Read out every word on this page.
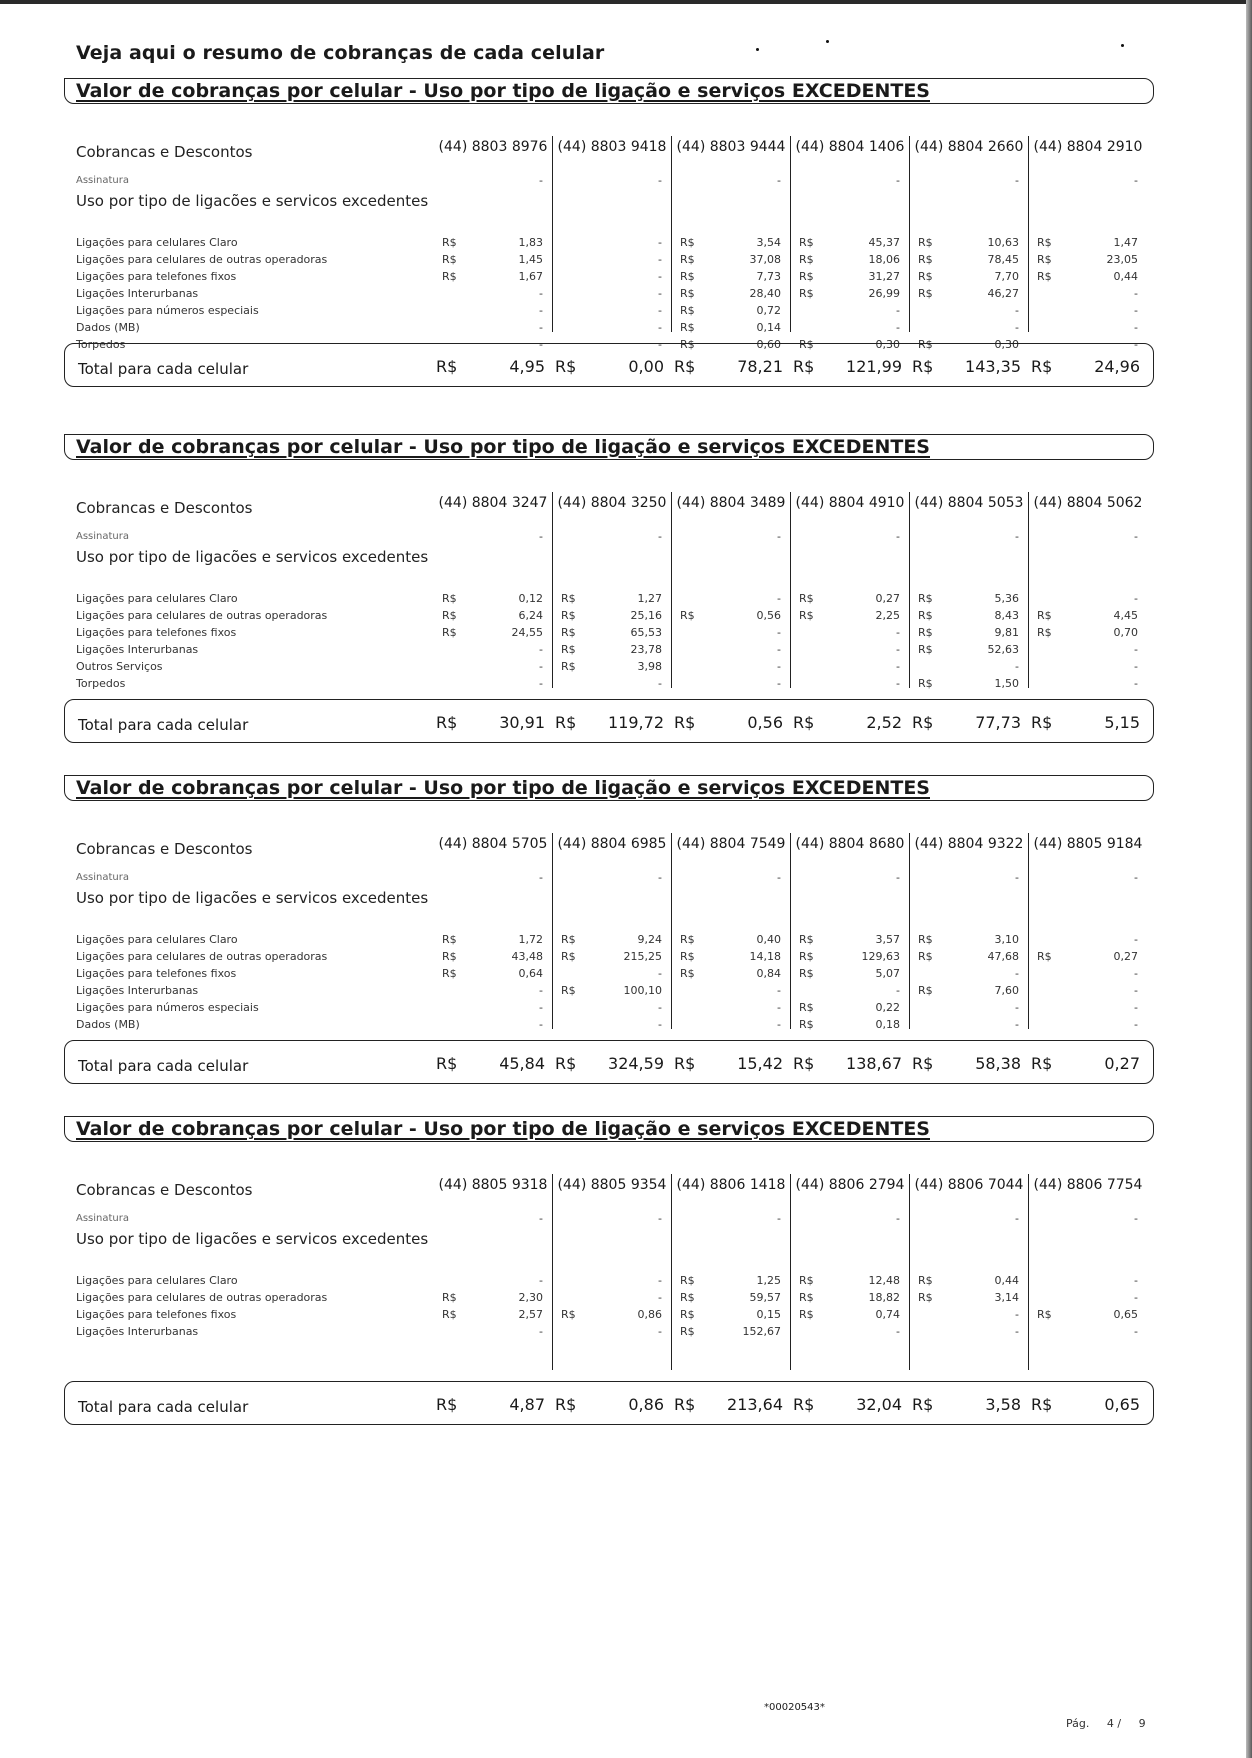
Veja aqui o resumo de cobranças de cada celular
Valor de cobranças por celular - Uso por tipo de ligação e serviços EXCEDENTES
Cobrancas e Descontos	(44) 8803 8976 (44) 8803 9418 (44) 8803 9444 (44) 8804 1406 (44) 8804 2660 (44) 8804 2910
Assinatura	-	-	-	-	-	-
Uso por tipo de ligacões e servicos excedentes
Ligações para celulares Claro	R$	1,83	- R$	3,54 R$	45,37 R$	10,63 R$	1,47
Ligações para celulares de outras operadoras	R$	1,45	- R$	37,08 R$	18,06 R$	78,45 R$	23,05
Ligações para telefones fixos	R$	1,67	- R$	7,73 R$	31,27 R$	7,70 R$	0,44
Ligações Interurbanas	-	- R$	28,40 R$	26,99 R$	46,27	-
Ligações para números especiais	-	- R$	0,72	-	-	-
Dados (MB)	-	- R$	0,14	-	-	-
Torpedos	-	- R$	0,60 R$	0,30 R$	0,30	-
Total para cada celular	R$	4,95 R$	0,00 R$	78,21 R$	121,99 R$	143,35 R$	24,96
Valor de cobranças por celular - Uso por tipo de ligação e serviços EXCEDENTES
Cobrancas e Descontos	(44) 8804 3247 (44) 8804 3250 (44) 8804 3489 (44) 8804 4910 (44) 8804 5053 (44) 8804 5062
Assinatura	-	-	-	-	-	-
Uso por tipo de ligacões e servicos excedentes
Ligações para celulares Claro	R$	0,12 R$	1,27	- R$	0,27 R$	5,36	-
Ligações para celulares de outras operadoras	R$	6,24 R$	25,16 R$	0,56 R$	2,25 R$	8,43 R$	4,45
Ligações para telefones fixos	R$	24,55 R$	65,53	-	- R$	9,81 R$	0,70
Ligações Interurbanas	- R$	23,78	-	- R$	52,63	-
Outros Serviços	- R$	3,98	-	-	-	-
Torpedos	-	-	-	- R$	1,50	-
Total para cada celular	R$	30,91 R$	119,72 R$	0,56 R$	2,52 R$	77,73 R$	5,15
Valor de cobranças por celular - Uso por tipo de ligação e serviços EXCEDENTES
Cobrancas e Descontos	(44) 8804 5705 (44) 8804 6985 (44) 8804 7549 (44) 8804 8680 (44) 8804 9322 (44) 8805 9184
Assinatura	-	-	-	-	-	-
Uso por tipo de ligacões e servicos excedentes
Ligações para celulares Claro	R$	1,72 R$	9,24 R$	0,40 R$	3,57 R$	3,10	-
Ligações para celulares de outras operadoras	R$	43,48 R$	215,25 R$	14,18 R$	129,63 R$	47,68 R$	0,27
Ligações para telefones fixos	R$	0,64	- R$	0,84 R$	5,07	-	-
Ligações Interurbanas	- R$	100,10	-	- R$	7,60	-
Ligações para números especiais	-	-	- R$	0,22	-	-
Dados (MB)	-	-	- R$	0,18	-	-
Total para cada celular	R$	45,84 R$	324,59 R$	15,42 R$	138,67 R$	58,38 R$	0,27
Valor de cobranças por celular - Uso por tipo de ligação e serviços EXCEDENTES
Cobrancas e Descontos	(44) 8805 9318 (44) 8805 9354 (44) 8806 1418 (44) 8806 2794 (44) 8806 7044 (44) 8806 7754
Assinatura	-	-	-	-	-	-
Uso por tipo de ligacões e servicos excedentes
Ligações para celulares Claro	-	- R$	1,25 R$	12,48 R$	0,44	-
Ligações para celulares de outras operadoras	R$	2,30	- R$	59,57 R$	18,82 R$	3,14	-
Ligações para telefones fixos	R$	2,57 R$	0,86 R$	0,15 R$	0,74	- R$	0,65
Ligações Interurbanas	-	- R$	152,67	-	-	-
Total para cada celular	R$	4,87 R$	0,86 R$	213,64 R$	32,04 R$	3,58 R$	0,65
*00020543*
Pág. 4 / 9
